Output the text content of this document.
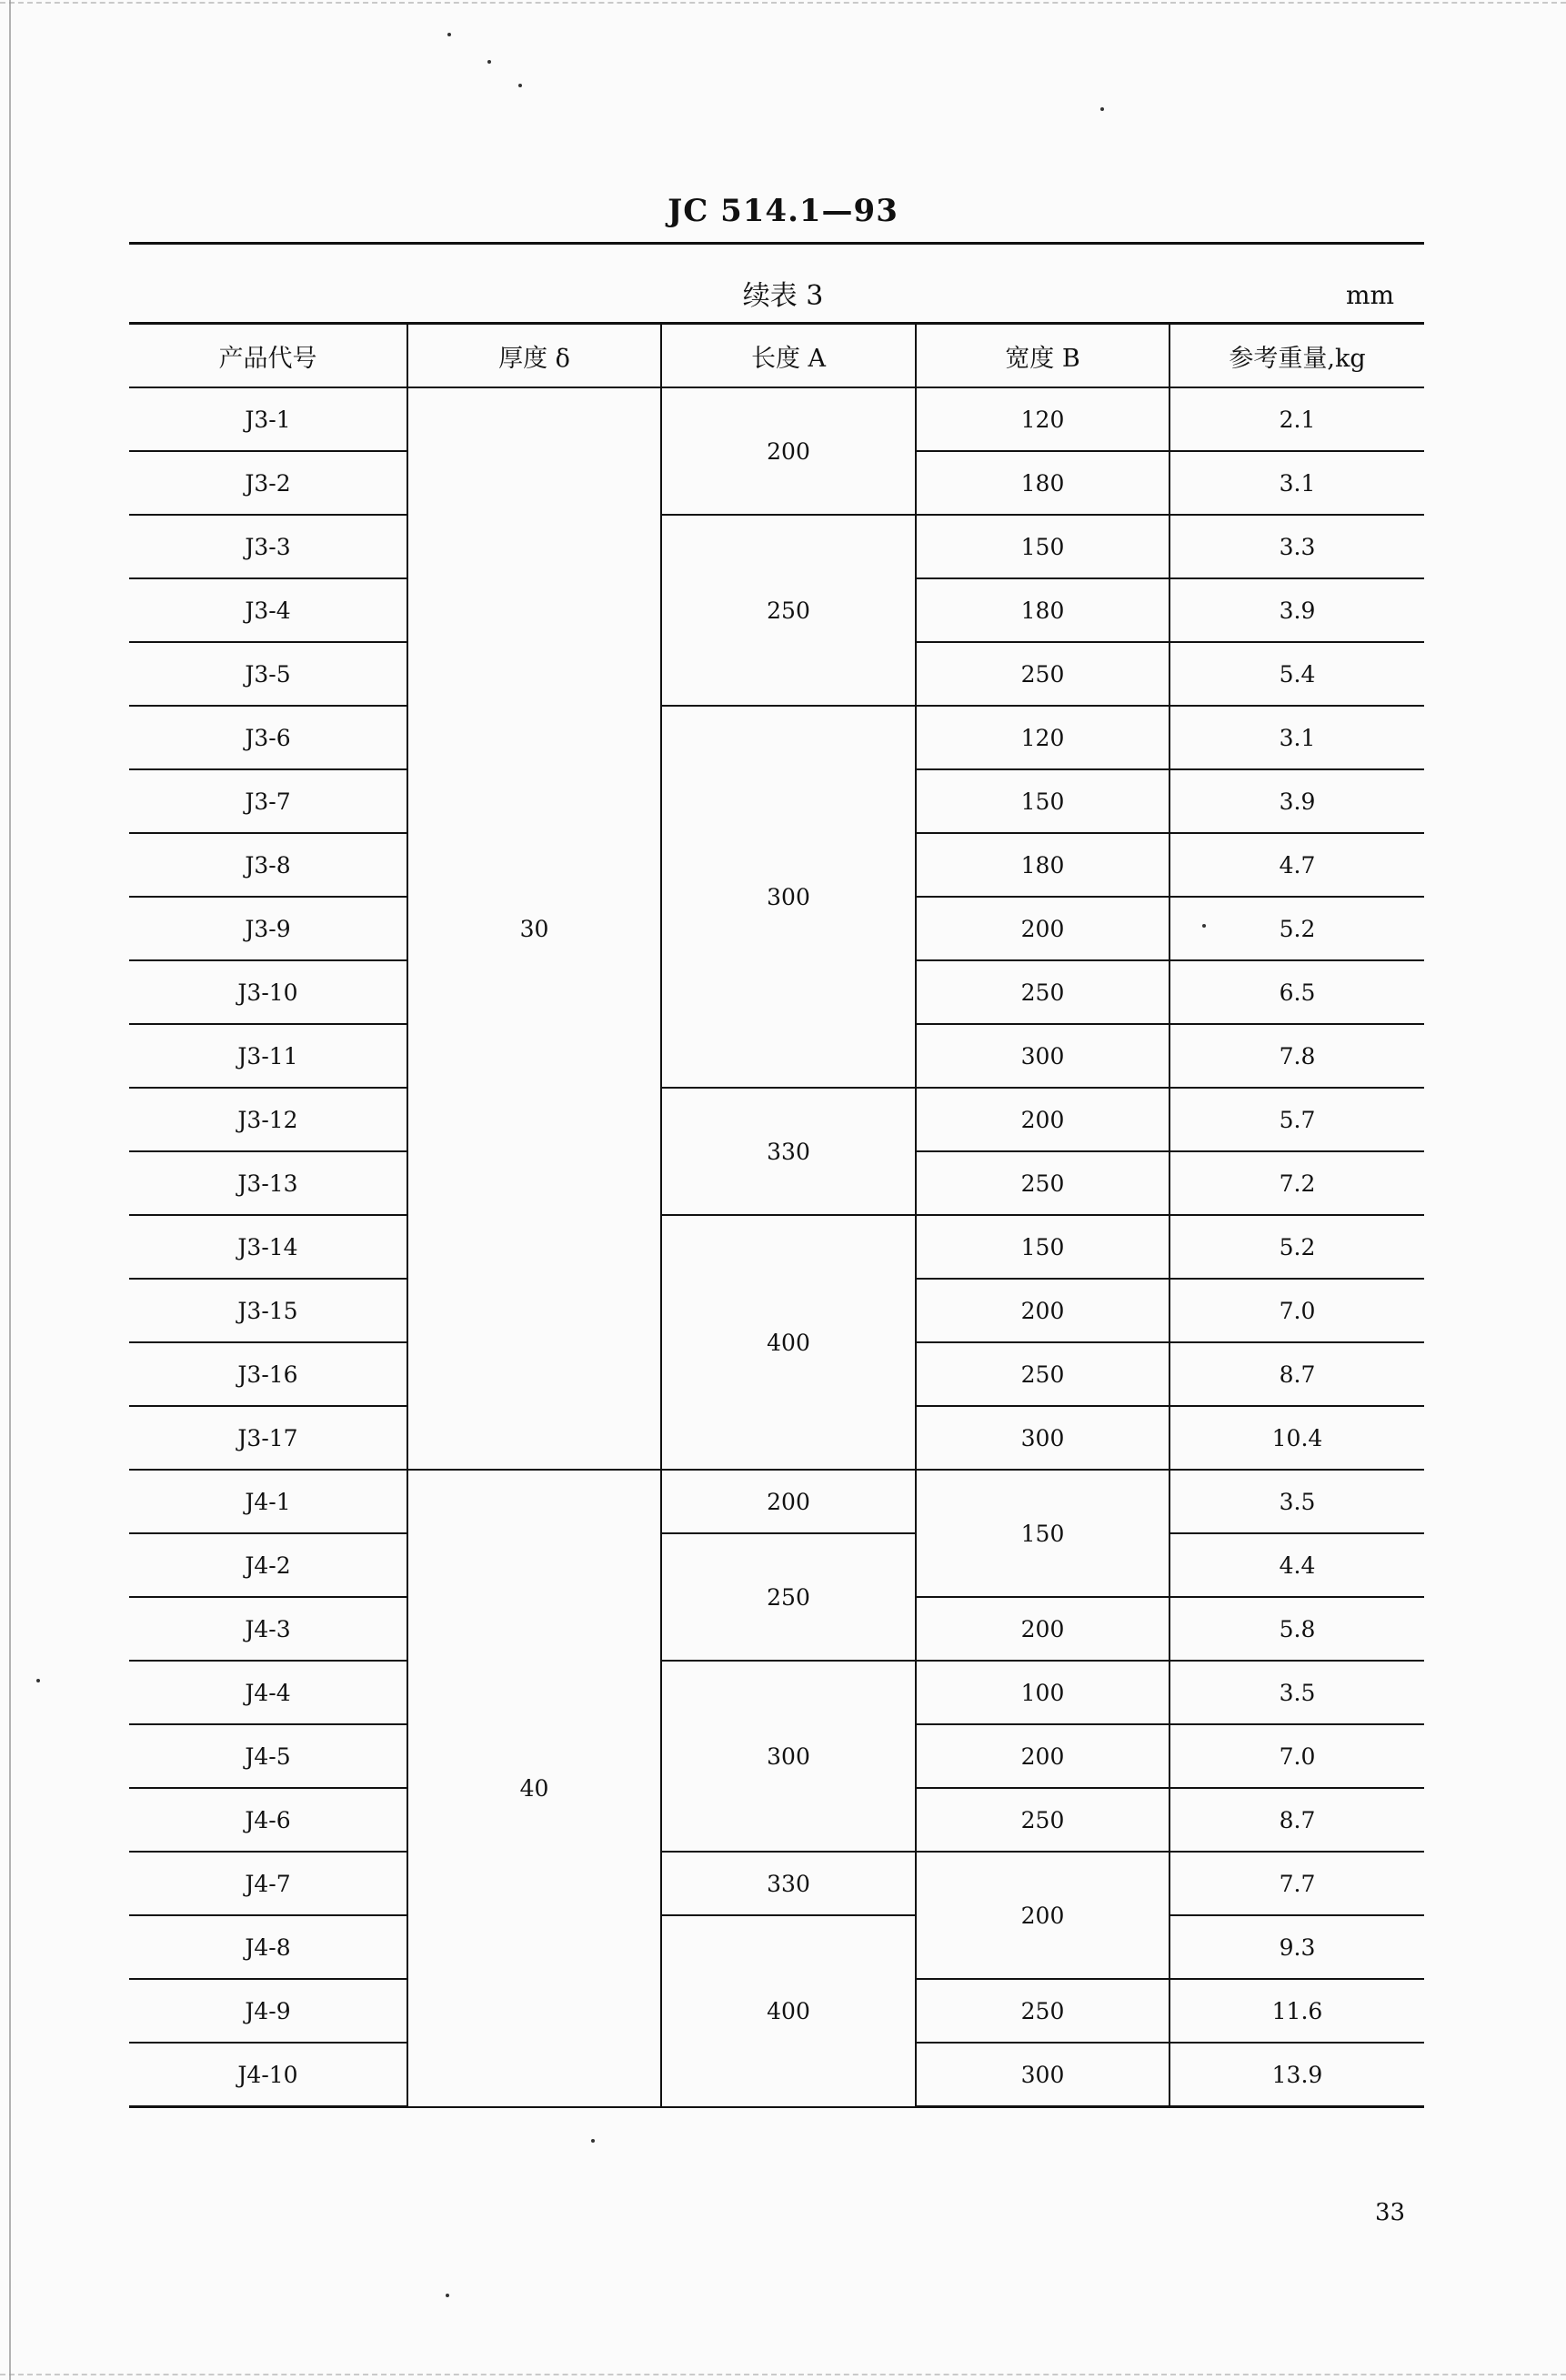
JC 514.1—93
续表 3	mm
产品代号	厚度 δ	长度 A	宽度 B	参考重量,kg
J3-1	30	200	120	2.1
J3-2			180	3.1
J3-3		250	150	3.3
J3-4			180	3.9
J3-5			250	5.4
J3-6		300	120	3.1
J3-7			150	3.9
J3-8			180	4.7
J3-9			200	5.2
J3-10			250	6.5
J3-11			300	7.8
J3-12		330	200	5.7
J3-13			250	7.2
J3-14		400	150	5.2
J3-15			200	7.0
J3-16			250	8.7
J3-17			300	10.4
J4-1	40	200	150	3.5
J4-2		250		4.4
J4-3			200	5.8
J4-4		300	100	3.5
J4-5			200	7.0
J4-6			250	8.7
J4-7		330	200	7.7
J4-8		400		9.3
J4-9			250	11.6
J4-10			300	13.9
33
